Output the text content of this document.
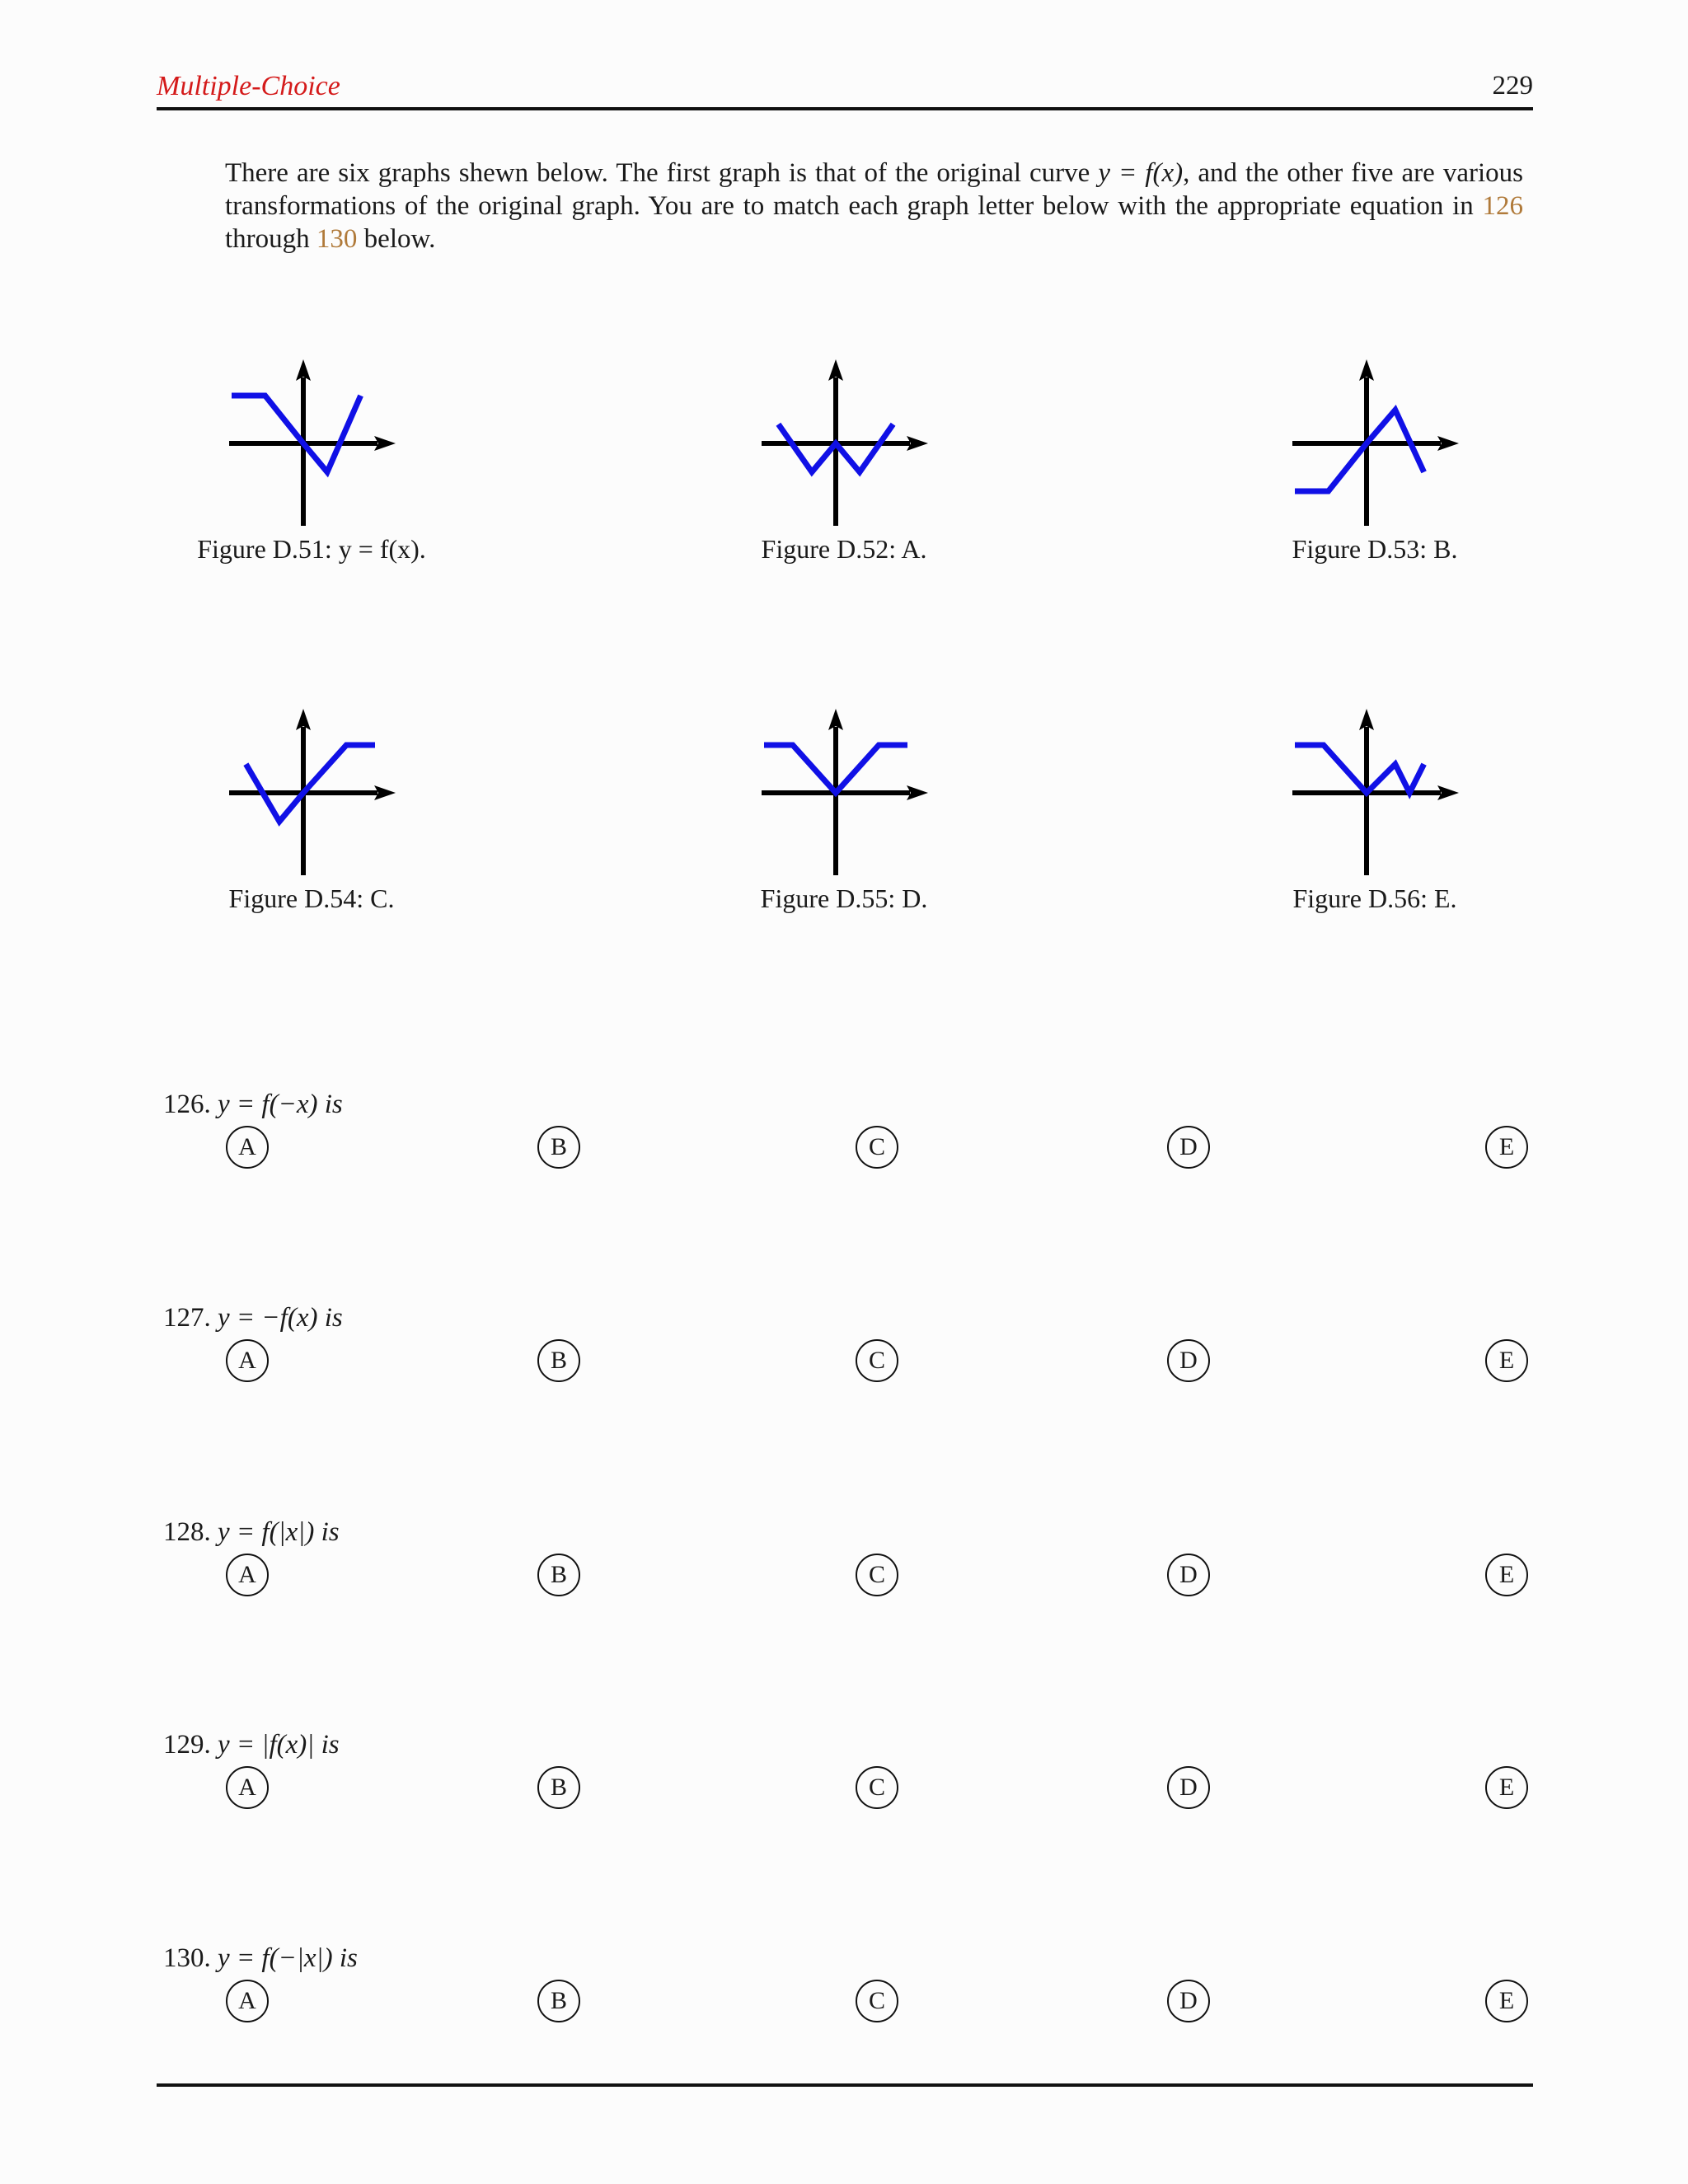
Multiple-Choice	229
There are six graphs shewn below. The first graph is that of the original curve y = f(x), and the other five are various transformations of the original graph. You are to match each graph letter below with the appropriate equation in 126 through 130 below.
Figure D.51: y = f(x).	Figure D.52: A.	Figure D.53: B.
Figure D.54: C.	Figure D.55: D.	Figure D.56: E.
126. y = f(−x) is
A	B	C	D	E
127. y = −f(x) is
A	B	C	D	E
128. y = f(|x|) is
A	B	C	D	E
129. y = |f(x)| is
A	B	C	D	E
130. y = f(−|x|) is
A	B	C	D	E
